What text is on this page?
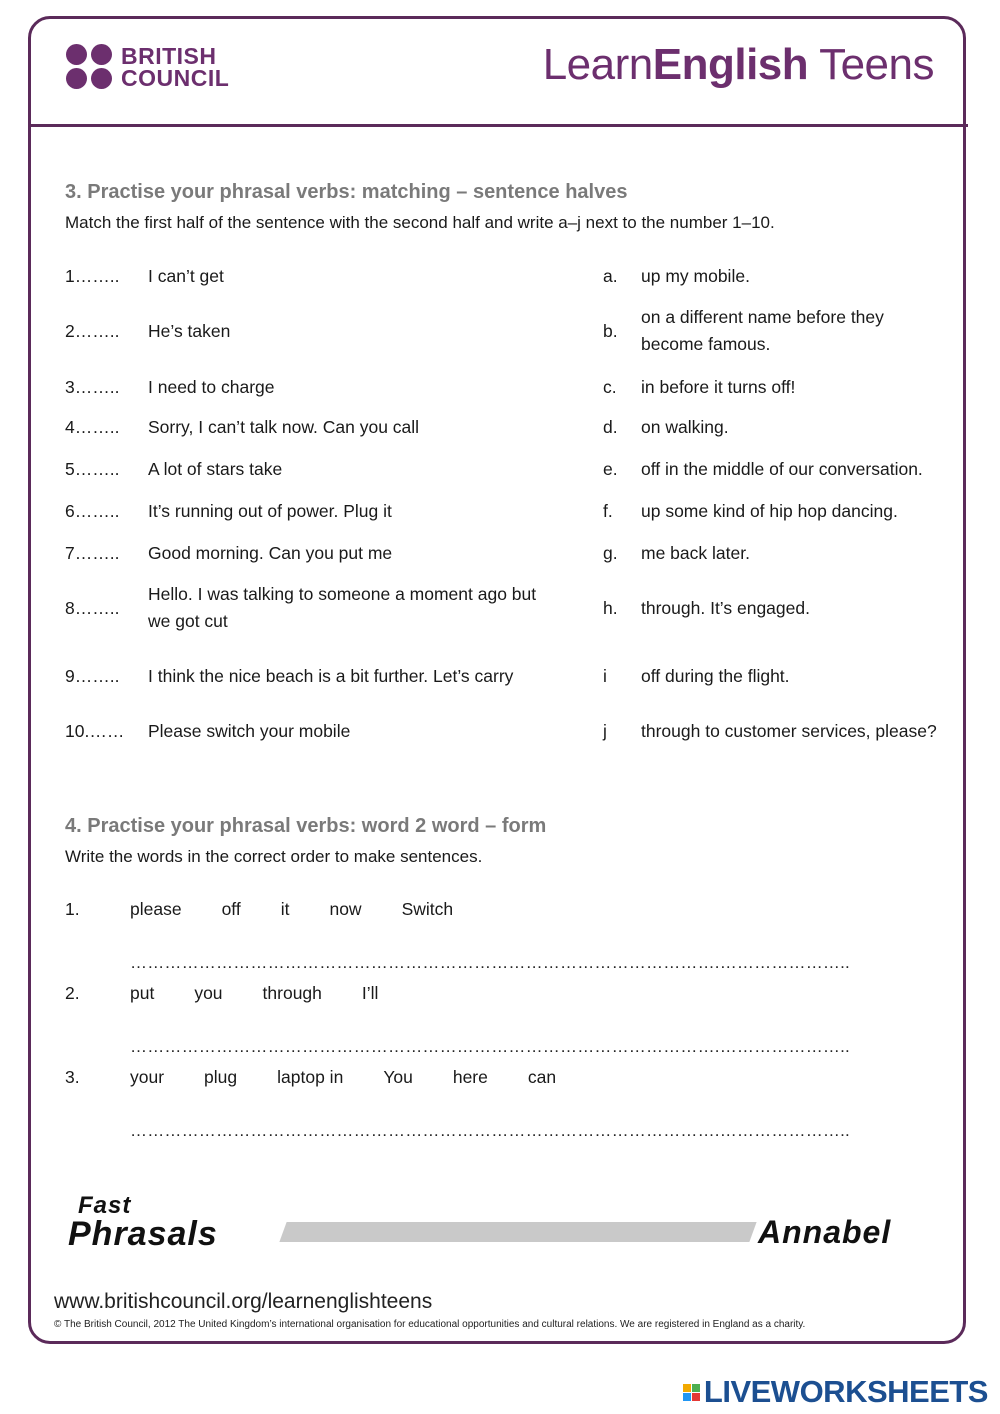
BRITISH
COUNCIL	LearnEnglish Teens
3. Practise your phrasal verbs: matching – sentence halves
Match the first half of the sentence with the second half and write a–j next to the number 1–10.
1……..	I can’t get	a.	up my mobile.
2……..	He’s taken	b.	on a different name before they become famous.
3……..	I need to charge	c.	in before it turns off!
4……..	Sorry, I can’t talk now. Can you call	d.	on walking.
5……..	A lot of stars take	e.	off in the middle of our conversation.
6……..	It’s running out of power. Plug it	f.	up some kind of hip hop dancing.
7……..	Good morning. Can you put me	g.	me back later.
8……..	Hello. I was talking to someone a moment ago but we got cut	h.	through. It’s engaged.
9……..	I think the nice beach is a bit further. Let’s carry	i	off during the flight.
10.……	Please switch your mobile	j	through to customer services, please?
4. Practise your phrasal verbs: word 2 word – form
Write the words in the correct order to make sentences.
1.	please off it now Switch
………………………………………………………………………………………….…………………..
2.	put you through I’ll
………………………………………………………………………………………….…………………..
3.	your plug laptop in You here can
………………………………………………………………………………………….…………………..
Fast
Phrasals	Annabel
www.britishcouncil.org/learnenglishteens
© The British Council, 2012 The United Kingdom’s international organisation for educational opportunities and cultural relations. We are registered in England as a charity.
LIVEWORKSHEETS
